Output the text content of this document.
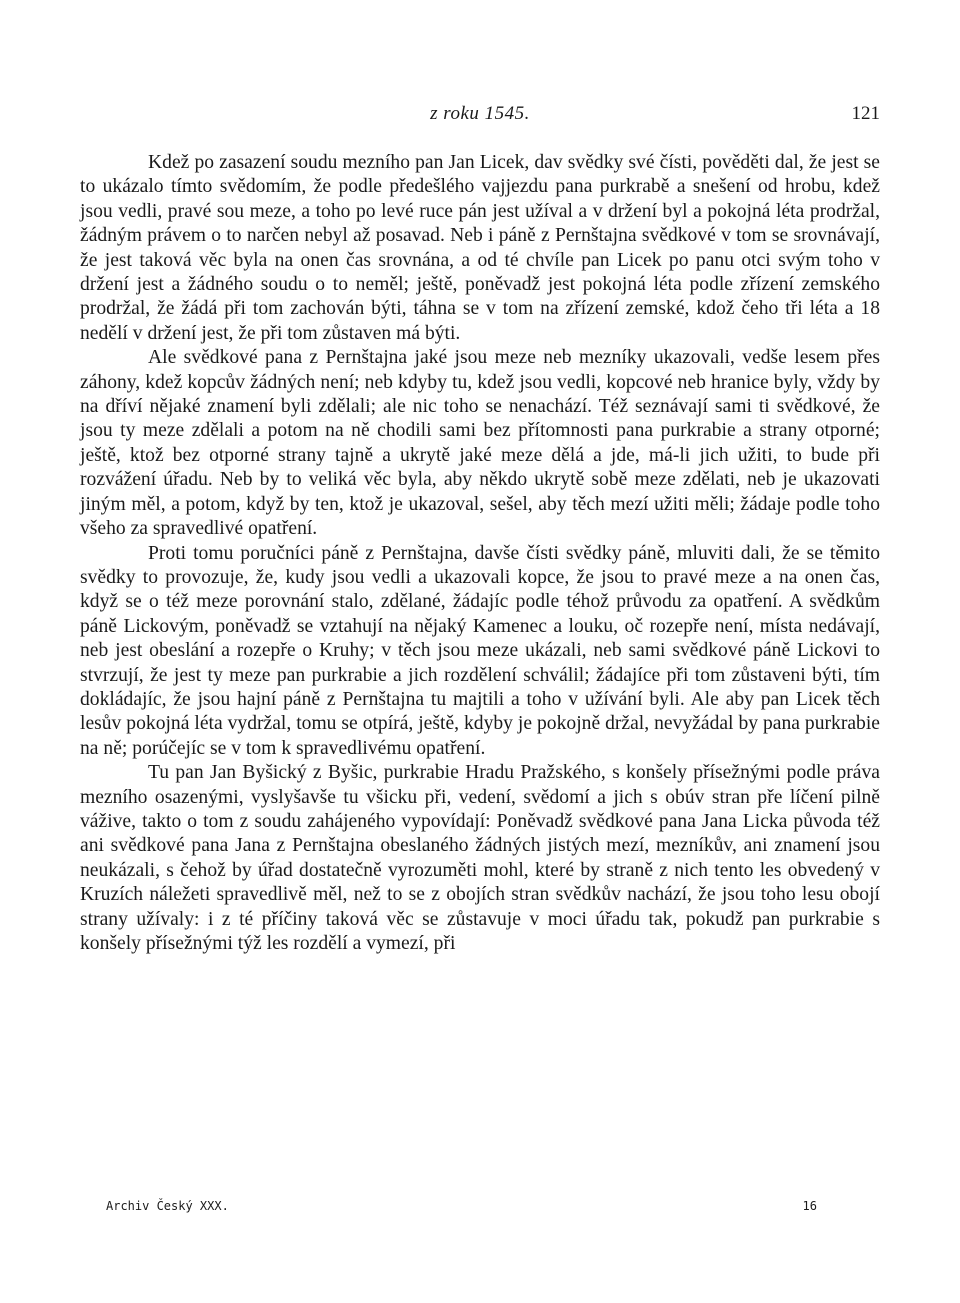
z roku 1545.	121

Kdež po zasazení soudu mezního pan Jan Licek, dav svědky své čísti, pověděti dal, že jest se to ukázalo tímto svědomím, že podle předešlého vajjezdu pana purkrabě a snešení od hrobu, kdež jsou vedli, pravé sou meze, a toho po levé ruce pán jest užíval a v držení byl a pokojná léta prodržal, žádným právem o to narčen nebyl až posavad. Neb i páně z Pernštajna svědkové v tom se srovnávají, že jest taková věc byla na onen čas srovnána, a od té chvíle pan Licek po panu otci svým toho v držení jest a žádného soudu o to neměl; ještě, poněvadž jest pokojná léta podle zřízení zemského prodržal, že žádá při tom zachován býti, táhna se v tom na zřízení zemské, kdož čeho tři léta a 18 nedělí v držení jest, že při tom zůstaven má býti.

Ale svědkové pana z Pernštajna jaké jsou meze neb mezníky ukazovali, vedše lesem přes záhony, kdež kopcův žádných není; neb kdyby tu, kdež jsou vedli, kopcové neb hranice byly, vždy by na dříví nějaké znamení byli zdělali; ale nic toho se nenachází. Též seznávají sami ti svědkové, že jsou ty meze zdělali a potom na ně chodili sami bez přítomnosti pana purkrabie a strany otporné; ještě, ktož bez otporné strany tajně a ukrytě jaké meze dělá a jde, má-li jich užiti, to bude při rozvážení úřadu. Neb by to veliká věc byla, aby někdo ukrytě sobě meze zdělati, neb je ukazovati jiným měl, a potom, když by ten, ktož je ukazoval, sešel, aby těch mezí užiti měli; žádaje podle toho všeho za spravedlivé opatření.

Proti tomu poručníci páně z Pernštajna, davše čísti svědky páně, mluviti dali, že se těmito svědky to provozuje, že, kudy jsou vedli a ukazovali kopce, že jsou to pravé meze a na onen čas, když se o též meze porovnání stalo, zdělané, žádajíc podle téhož průvodu za opatření. A svědkům páně Lickovým, poněvadž se vztahují na nějaký Kamenec a louku, oč rozepře není, místa nedávají, neb jest obeslání a rozepře o Kruhy; v těch jsou meze ukázali, neb sami svědkové páně Lickovi to stvrzují, že jest ty meze pan purkrabie a jich rozdělení schválil; žádajíce při tom zůstaveni býti, tím dokládajíc, že jsou hajní páně z Pernštajna tu majtili a toho v užívání byli. Ale aby pan Licek těch lesův pokojná léta vydržal, tomu se otpírá, ještě, kdyby je pokojně držal, nevyžádal by pana purkrabie na ně; porúčejíc se v tom k spravedlivému opatření.

Tu pan Jan Byšický z Byšic, purkrabie Hradu Pražského, s konšely přísežnými podle práva mezního osazenými, vyslyšavše tu všicku při, vedení, svědomí a jich s obúv stran pře líčení pilně vážive, takto o tom z soudu zahájeného vypovídají: Poněvadž svědkové pana Jana Licka původa též ani svědkové pana Jana z Pernštajna obeslaného žádných jistých mezí, mezníkův, ani znamení jsou neukázali, s čehož by úřad dostatečně vyrozuměti mohl, které by straně z nich tento les obvedený v Kruzích náležeti spravedlivě měl, než to se z obojích stran svědkův nachází, že jsou toho lesu obojí strany užívaly: i z té příčiny taková věc se zůstavuje v moci úřadu tak, pokudž pan purkrabie s konšely přísežnými týž les rozdělí a vymezí, při

Archiv Český XXX.	16
